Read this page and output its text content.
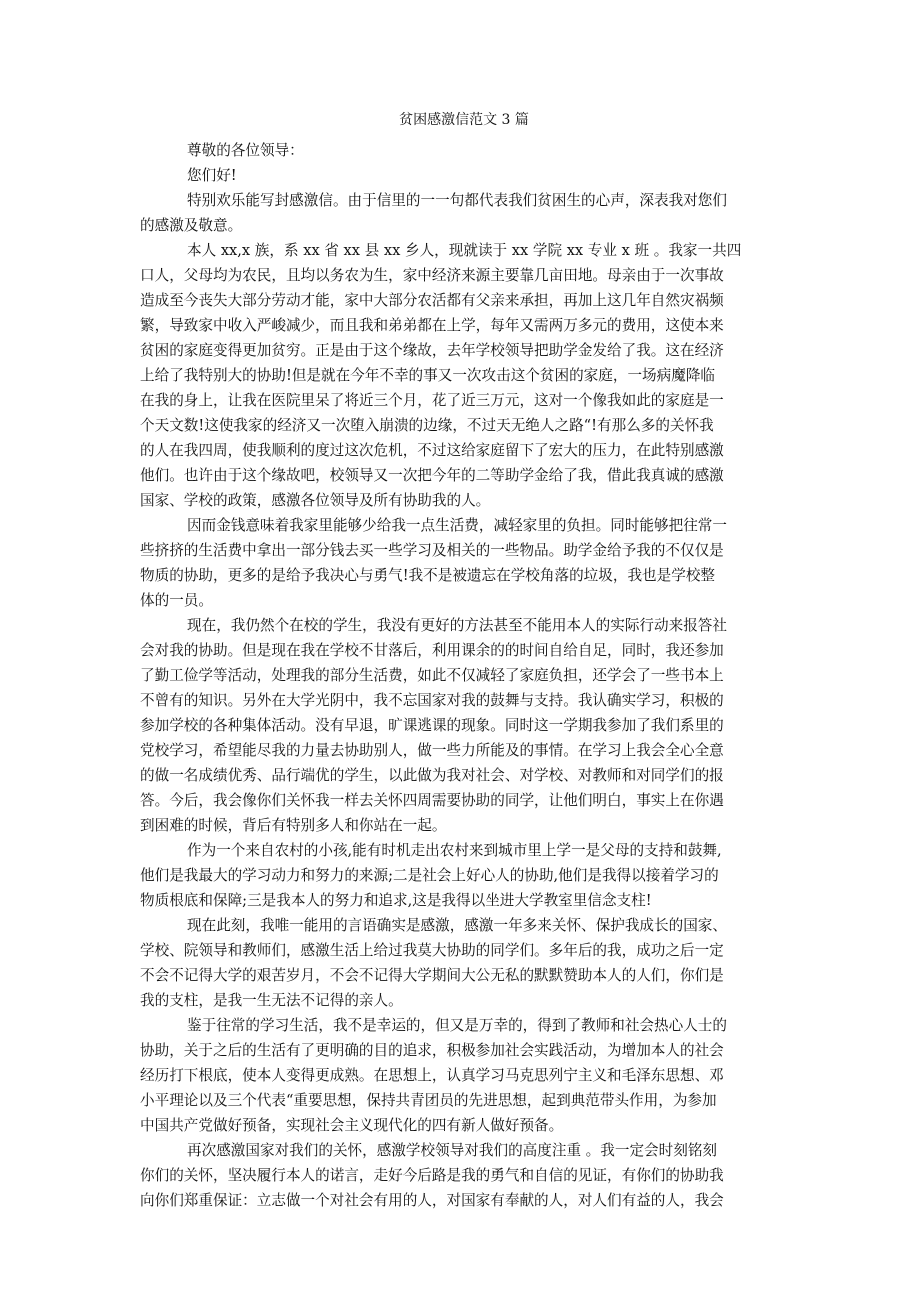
贫困感激信范文 3 篇

尊敬的各位领导：

您们好!

特别欢乐能写封感激信。由于信里的一一句都代表我们贫困生的心声，深表我对您们

的感激及敬意。

本人 xx,x 族，系 xx 省 xx 县 xx 乡人，现就读于 xx 学院 xx 专业 x 班 。我家一共四

口人，父母均为农民，且均以务农为生，家中经济来源主要靠几亩田地。母亲由于一次事故

造成至今丧失大部分劳动才能，家中大部分农活都有父亲来承担，再加上这几年自然灾祸频

繁，导致家中收入严峻减少，而且我和弟弟都在上学，每年又需两万多元的费用，这使本来

贫困的家庭变得更加贫穷。正是由于这个缘故，去年学校领导把助学金发给了我。这在经济

上给了我特别大的协助!但是就在今年不幸的事又一次攻击这个贫困的家庭，一场病魔降临

在我的身上，让我在医院里呆了将近三个月，花了近三万元，这对一个像我如此的家庭是一

个天文数!这使我家的经济又一次堕入崩溃的边缘，不过天无绝人之路“!有那么多的关怀我

的人在我四周，使我顺利的度过这次危机，不过这给家庭留下了宏大的压力，在此特别感激

他们。也许由于这个缘故吧，校领导又一次把今年的二等助学金给了我，借此我真诚的感激

国家、学校的政策，感激各位领导及所有协助我的人。

因而金钱意味着我家里能够少给我一点生活费，减轻家里的负担。同时能够把往常一

些挤挤的生活费中拿出一部分钱去买一些学习及相关的一些物品。助学金给予我的不仅仅是

物质的协助，更多的是给予我决心与勇气!我不是被遗忘在学校角落的垃圾，我也是学校整

体的一员。

现在，我仍然个在校的学生，我没有更好的方法甚至不能用本人的实际行动来报答社

会对我的协助。但是现在我在学校不甘落后，利用课余的的时间自给自足，同时，我还参加

了勤工俭学等活动，处理我的部分生活费，如此不仅减轻了家庭负担，还学会了一些书本上

不曾有的知识。另外在大学光阴中，我不忘国家对我的鼓舞与支持。我认确实学习，积极的

参加学校的各种集体活动。没有早退，旷课逃课的现象。同时这一学期我参加了我们系里的

党校学习，希望能尽我的力量去协助别人，做一些力所能及的事情。在学习上我会全心全意

的做一名成绩优秀、品行端优的学生，以此做为我对社会、对学校、对教师和对同学们的报

答。今后，我会像你们关怀我一样去关怀四周需要协助的同学，让他们明白，事实上在你遇

到困难的时候，背后有特别多人和你站在一起。

作为一个来自农村的小孩,能有时机走出农村来到城市里上学一是父母的支持和鼓舞,

他们是我最大的学习动力和努力的来源;二是社会上好心人的协助,他们是我得以接着学习的

物质根底和保障;三是我本人的努力和追求,这是我得以坐进大学教室里信念支柱!

现在此刻，我唯一能用的言语确实是感激，感激一年多来关怀、保护我成长的国家、

学校、院领导和教师们，感激生活上给过我莫大协助的同学们。多年后的我，成功之后一定

不会不记得大学的艰苦岁月，不会不记得大学期间大公无私的默默赞助本人的人们，你们是

我的支柱，是我一生无法不记得的亲人。

鉴于往常的学习生活，我不是幸运的，但又是万幸的，得到了教师和社会热心人士的

协助，关于之后的生活有了更明确的目的追求，积极参加社会实践活动，为增加本人的社会

经历打下根底，使本人变得更成熟。在思想上，认真学习马克思列宁主义和毛泽东思想、邓

小平理论以及三个代表“重要思想，保持共青团员的先进思想，起到典范带头作用，为参加

中国共产党做好预备，实现社会主义现代化的四有新人做好预备。

再次感激国家对我们的关怀，感激学校领导对我们的高度注重 。我一定会时刻铭刻

你们的关怀，坚决履行本人的诺言，走好今后路是我的勇气和自信的见证，有你们的协助我

向你们郑重保证：立志做一个对社会有用的人，对国家有奉献的人，对人们有益的人，我会
